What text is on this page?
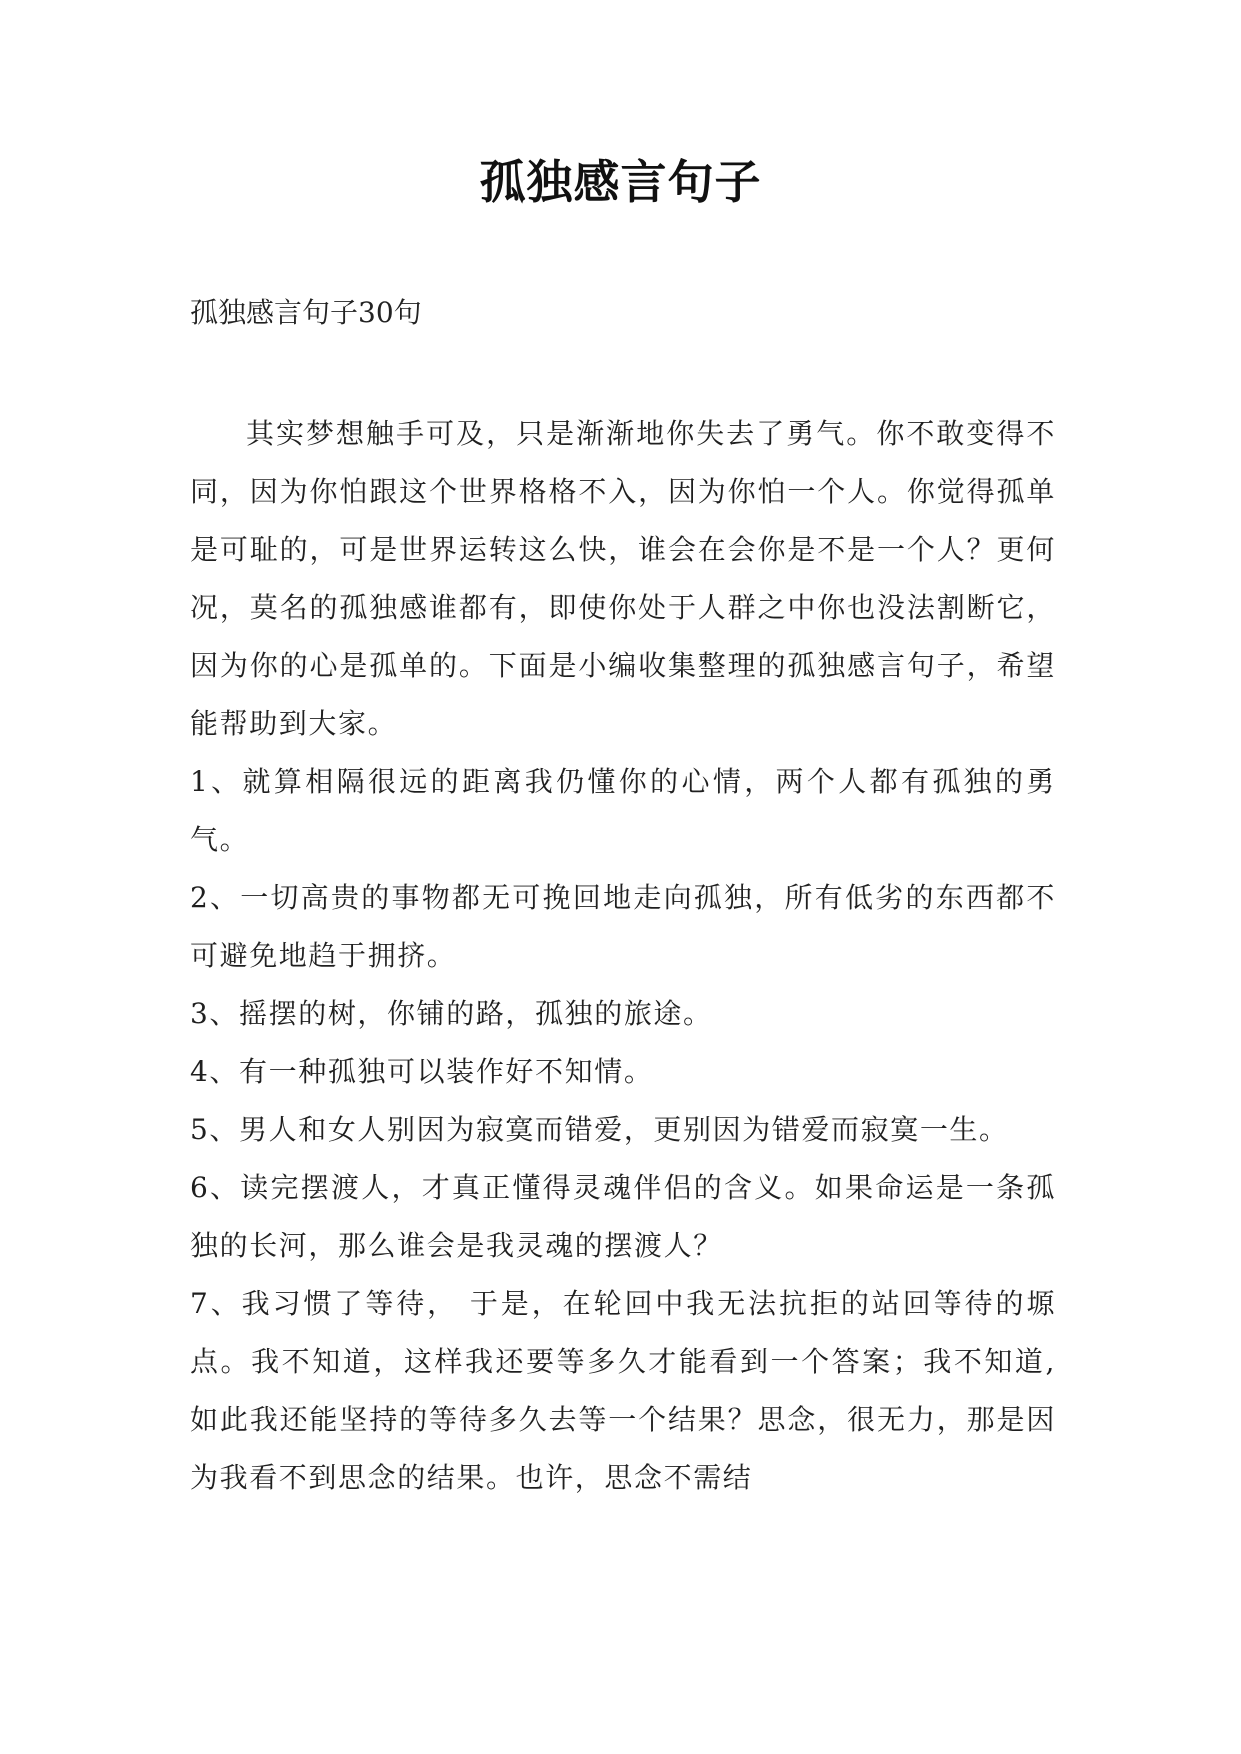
孤独感言句子
孤独感言句子30句

其实梦想触手可及，只是渐渐地你失去了勇气。你不敢变得不同，因为你怕跟这个世界格格不入，因为你怕一个人。你觉得孤单是可耻的，可是世界运转这么快，谁会在会你是不是一个人？更何况，莫名的孤独感谁都有，即使你处于人群之中你也没法割断它，因为你的心是孤单的。下面是小编收集整理的孤独感言句子，希望能帮助到大家。

1、就算相隔很远的距离我仍懂你的心情，两个人都有孤独的勇气。

2、一切高贵的事物都无可挽回地走向孤独，所有低劣的东西都不可避免地趋于拥挤。

3、摇摆的树，你铺的路，孤独的旅途。

4、有一种孤独可以装作好不知情。

5、男人和女人别因为寂寞而错爱，更别因为错爱而寂寞一生。

6、读完摆渡人，才真正懂得灵魂伴侣的含义。如果命运是一条孤独的长河，那么谁会是我灵魂的摆渡人？

7、我习惯了等待， 于是，在轮回中我无法抗拒的站回等待的塬点。我不知道，这样我还要等多久才能看到一个答案；我不知道,如此我还能坚持的等待多久去等一个结果？思念，很无力，那是因为我看不到思念的结果。也许，思念不需结
